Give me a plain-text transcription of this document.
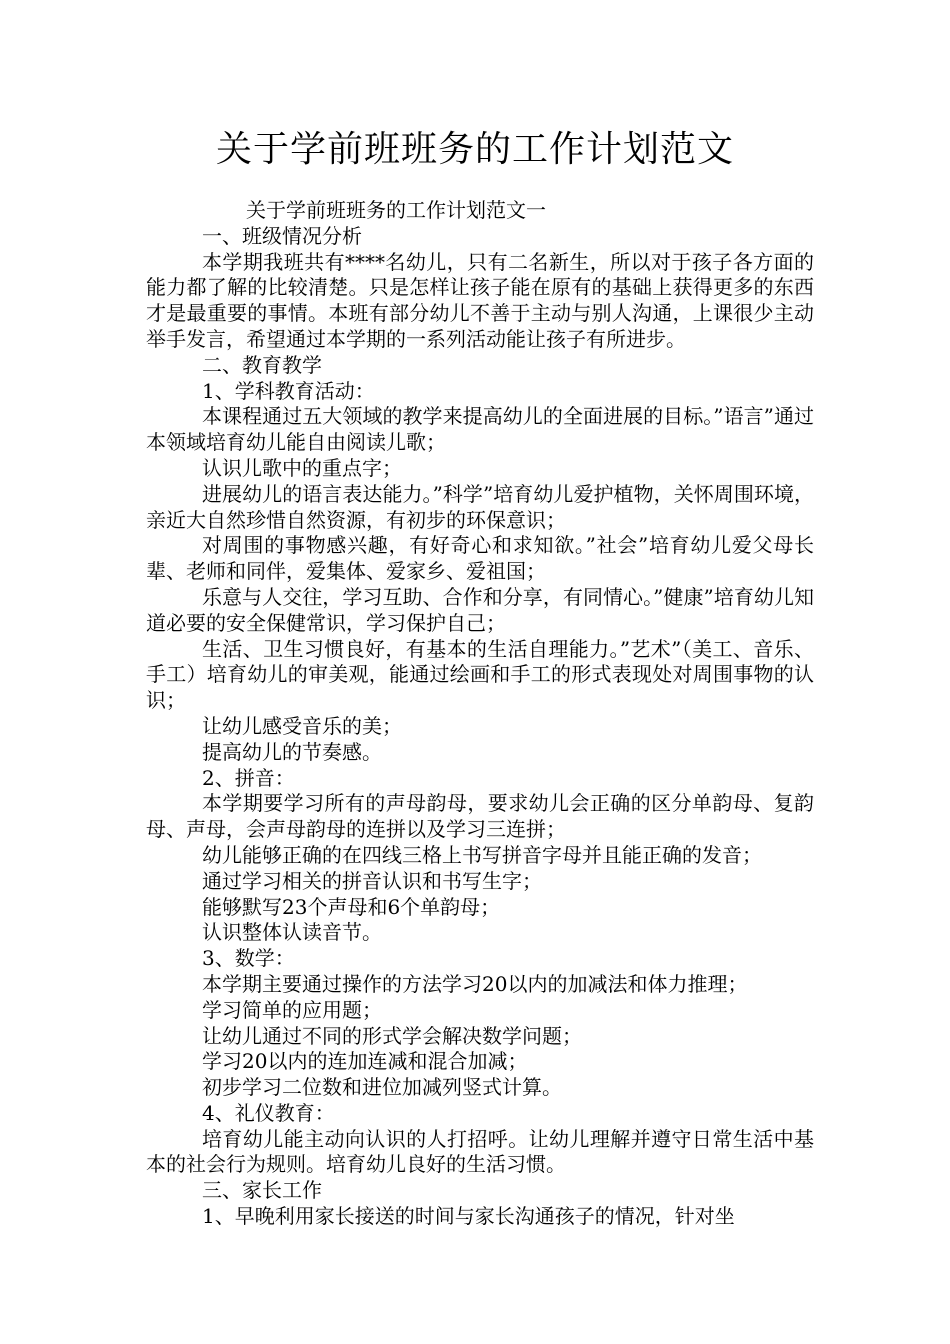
关于学前班班务的工作计划范文
关于学前班班务的工作计划范文一
一、班级情况分析
本学期我班共有****名幼儿，只有二名新生，所以对于孩子各方面的能力都了解的比较清楚。只是怎样让孩子能在原有的基础上获得更多的东西才是最重要的事情。本班有部分幼儿不善于主动与别人沟通，上课很少主动举手发言，希望通过本学期的一系列活动能让孩子有所进步。
二、教育教学
1、学科教育活动：
本课程通过五大领域的教学来提高幼儿的全面进展的目标。”语言”通过本领域培育幼儿能自由阅读儿歌；
认识儿歌中的重点字；
进展幼儿的语言表达能力。”科学”培育幼儿爱护植物，关怀周围环境，亲近大自然珍惜自然资源，有初步的环保意识；
对周围的事物感兴趣，有好奇心和求知欲。”社会”培育幼儿爱父母长辈、老师和同伴，爱集体、爱家乡、爱祖国；
乐意与人交往，学习互助、合作和分享，有同情心。”健康”培育幼儿知道必要的安全保健常识，学习保护自己；
生活、卫生习惯良好，有基本的生活自理能力。”艺术”（美工、音乐、手工）培育幼儿的审美观，能通过绘画和手工的形式表现处对周围事物的认识；
让幼儿感受音乐的美；
提高幼儿的节奏感。
2、拼音：
本学期要学习所有的声母韵母，要求幼儿会正确的区分单韵母、复韵母、声母，会声母韵母的连拼以及学习三连拼；
幼儿能够正确的在四线三格上书写拼音字母并且能正确的发音；
通过学习相关的拼音认识和书写生字；
能够默写23个声母和6个单韵母；
认识整体认读音节。
3、数学：
本学期主要通过操作的方法学习20以内的加减法和体力推理；
学习简单的应用题；
让幼儿通过不同的形式学会解决数学问题；
学习20以内的连加连减和混合加减；
初步学习二位数和进位加减列竖式计算。
4、礼仪教育：
培育幼儿能主动向认识的人打招呼。让幼儿理解并遵守日常生活中基本的社会行为规则。培育幼儿良好的生活习惯。
三、家长工作
1、早晚利用家长接送的时间与家长沟通孩子的情况，针对坐
